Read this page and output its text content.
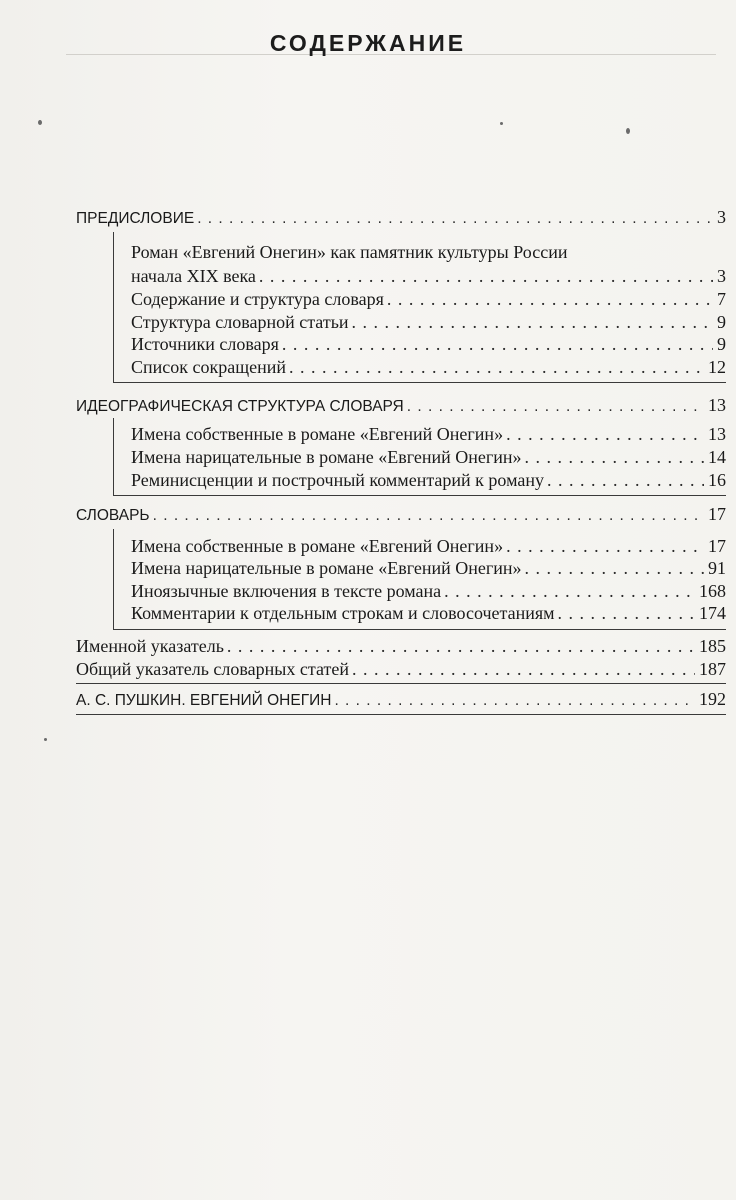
СОДЕРЖАНИЕ
ПРЕДИСЛОВИЕ . . .	3
Роман «Евгений Онегин» как памятник культуры России
начала XIX века . . .	3
Содержание и структура словаря . . .	7
Структура словарной статьи . . .	9
Источники словаря . . .	9
Список сокращений . . .	12
ИДЕОГРАФИЧЕСКАЯ СТРУКТУРА СЛОВАРЯ . . .	13
Имена собственные в романе «Евгений Онегин» . . .	13
Имена нарицательные в романе «Евгений Онегин» . . .	14
Реминисценции и построчный комментарий к роману . . .	16
СЛОВАРЬ . . .	17
Имена собственные в романе «Евгений Онегин» . . .	17
Имена нарицательные в романе «Евгений Онегин» . . .	91
Иноязычные включения в тексте романа . . .	168
Комментарии к отдельным строкам и словосочетаниям . . .	174
Именной указатель . . .	185
Общий указатель словарных статей . . .	187
А. С. ПУШКИН. ЕВГЕНИЙ ОНЕГИН . . .	192
